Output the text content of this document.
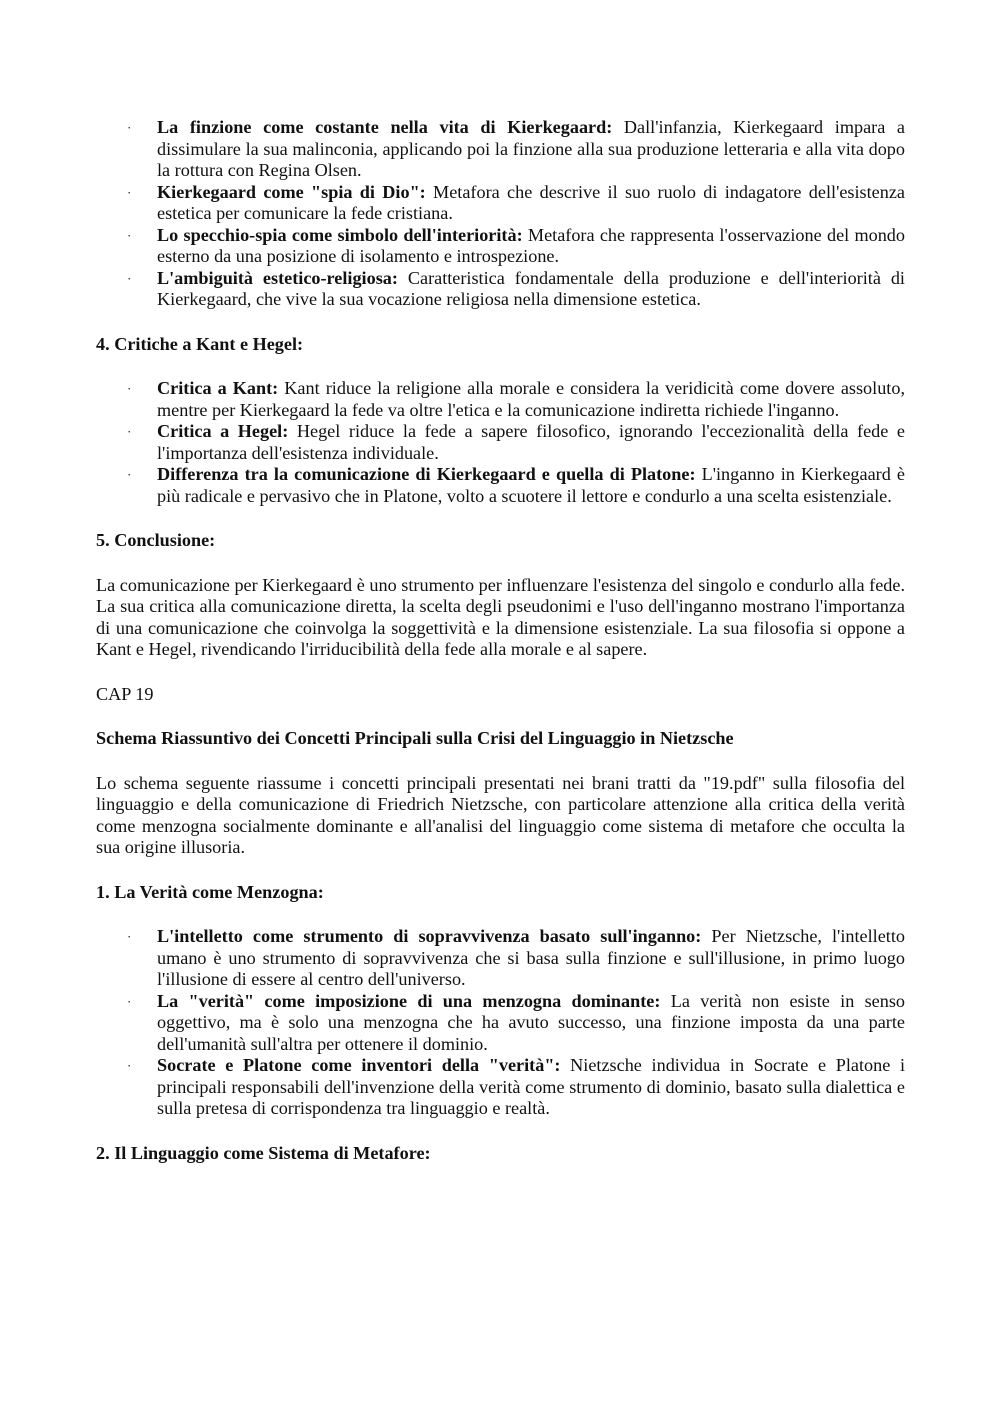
· La finzione come costante nella vita di Kierkegaard: Dall'infanzia, Kierkegaard impara a dissimulare la sua malinconia, applicando poi la finzione alla sua produzione letteraria e alla vita dopo la rottura con Regina Olsen.
· Kierkegaard come "spia di Dio": Metafora che descrive il suo ruolo di indagatore dell'esistenza estetica per comunicare la fede cristiana.
· Lo specchio-spia come simbolo dell'interiorità: Metafora che rappresenta l'osservazione del mondo esterno da una posizione di isolamento e introspezione.
· L'ambiguità estetico-religiosa: Caratteristica fondamentale della produzione e dell'interiorità di Kierkegaard, che vive la sua vocazione religiosa nella dimensione estetica.

4. Critiche a Kant e Hegel:

· Critica a Kant: Kant riduce la religione alla morale e considera la veridicità come dovere assoluto, mentre per Kierkegaard la fede va oltre l'etica e la comunicazione indiretta richiede l'inganno.
· Critica a Hegel: Hegel riduce la fede a sapere filosofico, ignorando l'eccezionalità della fede e l'importanza dell'esistenza individuale.
· Differenza tra la comunicazione di Kierkegaard e quella di Platone: L'inganno in Kierkegaard è più radicale e pervasivo che in Platone, volto a scuotere il lettore e condurlo a una scelta esistenziale.

5. Conclusione:

La comunicazione per Kierkegaard è uno strumento per influenzare l'esistenza del singolo e condurlo alla fede. La sua critica alla comunicazione diretta, la scelta degli pseudonimi e l'uso dell'inganno mostrano l'importanza di una comunicazione che coinvolga la soggettività e la dimensione esistenziale. La sua filosofia si oppone a Kant e Hegel, rivendicando l'irriducibilità della fede alla morale e al sapere.

CAP 19

Schema Riassuntivo dei Concetti Principali sulla Crisi del Linguaggio in Nietzsche

Lo schema seguente riassume i concetti principali presentati nei brani tratti da "19.pdf" sulla filosofia del linguaggio e della comunicazione di Friedrich Nietzsche, con particolare attenzione alla critica della verità come menzogna socialmente dominante e all'analisi del linguaggio come sistema di metafore che occulta la sua origine illusoria.

1. La Verità come Menzogna:

· L'intelletto come strumento di sopravvivenza basato sull'inganno: Per Nietzsche, l'intelletto umano è uno strumento di sopravvivenza che si basa sulla finzione e sull'illusione, in primo luogo l'illusione di essere al centro dell'universo.
· La "verità" come imposizione di una menzogna dominante: La verità non esiste in senso oggettivo, ma è solo una menzogna che ha avuto successo, una finzione imposta da una parte dell'umanità sull'altra per ottenere il dominio.
· Socrate e Platone come inventori della "verità": Nietzsche individua in Socrate e Platone i principali responsabili dell'invenzione della verità come strumento di dominio, basato sulla dialettica e sulla pretesa di corrispondenza tra linguaggio e realtà.

2. Il Linguaggio come Sistema di Metafore:
